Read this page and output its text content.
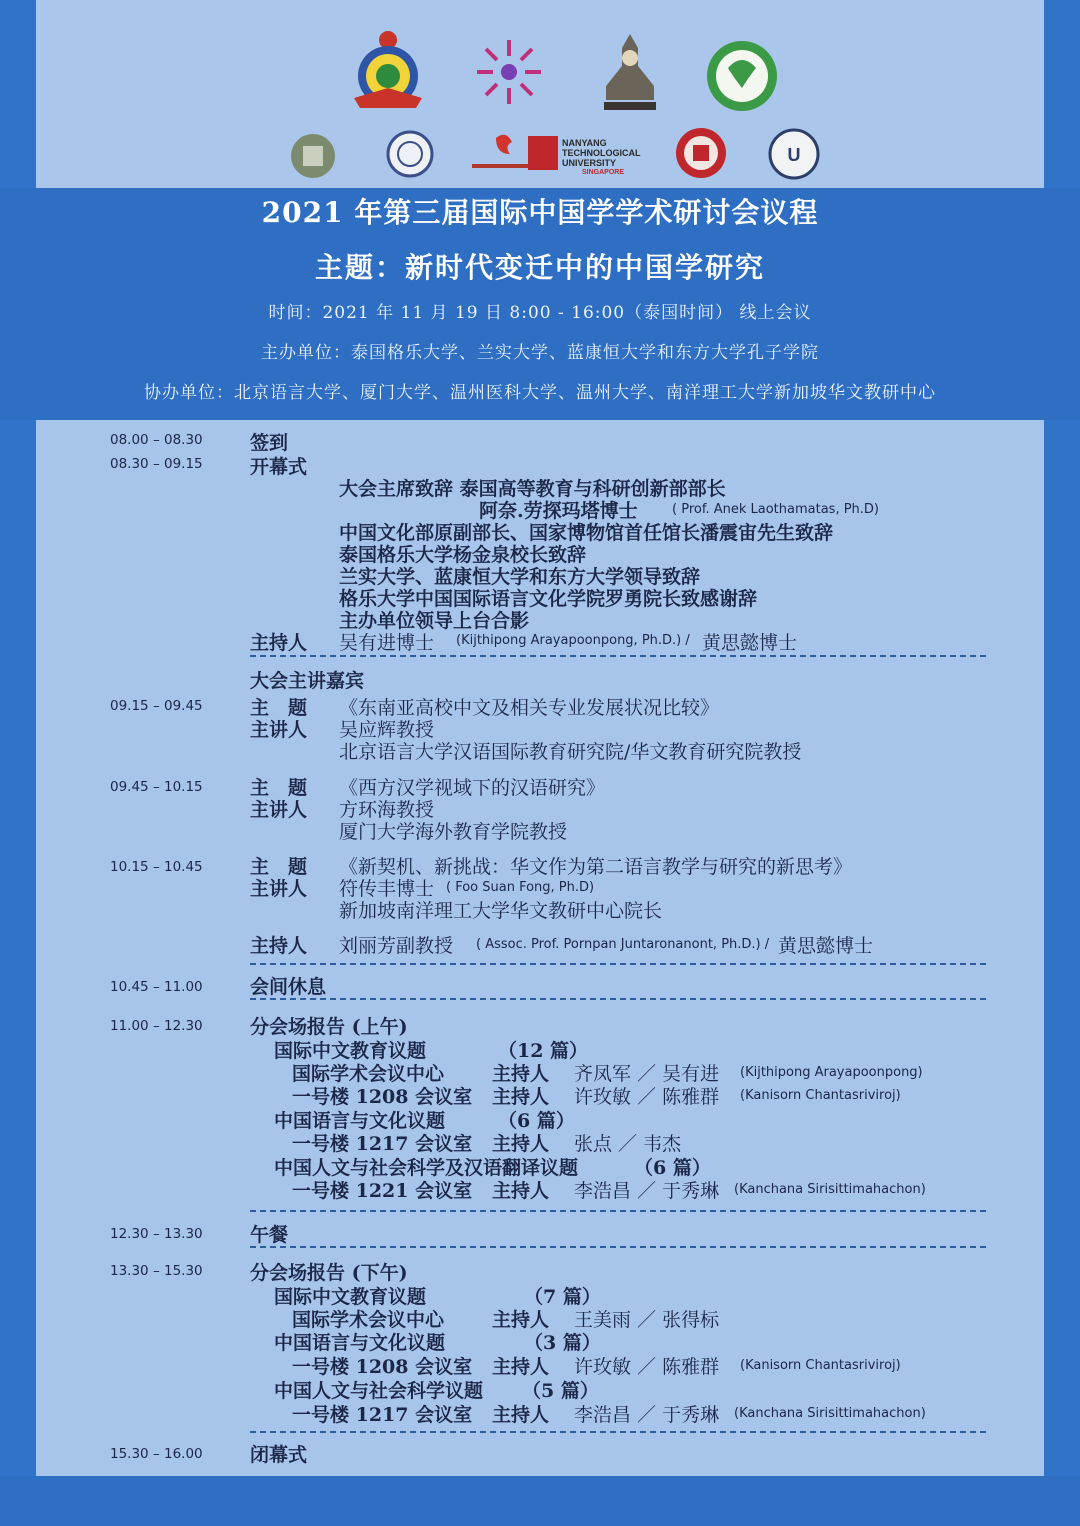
NANYANG
TECHNOLOGICAL
UNIVERSITY
SINGAPORE
U
2021 年第三届国际中国学学术研讨会议程
主题：新时代变迁中的中国学研究
时间：2021 年 11 月 19 日 8:00 - 16:00（泰国时间） 线上会议
主办单位：泰国格乐大学、兰实大学、蓝康恒大学和东方大学孔子学院
协办单位：北京语言大学、厦门大学、温州医科大学、温州大学、南洋理工大学新加坡华文教研中心
08.00 – 08.30 签到
08.30 – 09.15 开幕式
大会主席致辞 泰国高等教育与科研创新部部长
阿奈.劳探玛塔博士	( Prof. Anek Laothamatas, Ph.D)
中国文化部原副部长、国家博物馆首任馆长潘震宙先生致辞
泰国格乐大学杨金泉校长致辞
兰实大学、蓝康恒大学和东方大学领导致辞
格乐大学中国国际语言文化学院罗勇院长致感谢辞
主办单位领导上台合影
主持人 吴有进博士 (Kijthipong Arayapoonpong, Ph.D.) / 黄思懿博士
大会主讲嘉宾
09.15 – 09.45 主　题 《东南亚高校中文及相关专业发展状况比较》
主讲人 吴应辉教授
北京语言大学汉语国际教育研究院/华文教育研究院教授
09.45 – 10.15 主　题 《西方汉学视域下的汉语研究》
主讲人 方环海教授
厦门大学海外教育学院教授
10.15 – 10.45 主　题 《新契机、新挑战：华文作为第二语言教学与研究的新思考》
主讲人 符传丰博士 ( Foo Suan Fong, Ph.D)
新加坡南洋理工大学华文教研中心院长
主持人 刘丽芳副教授 ( Assoc. Prof. Pornpan Juntaronanont, Ph.D.) / 黄思懿博士
10.45 – 11.00 会间休息
11.00 – 12.30 分会场报告 (上午)
国际中文教育议题	（12 篇）
国际学术会议中心	主持人 齐凤军 ／ 吴有进 (Kijthipong Arayapoonpong)
一号楼 1208 会议室 主持人 许玫敏 ／ 陈雅群 (Kanisorn Chantasriviroj)
中国语言与文化议题	（6 篇）
一号楼 1217 会议室 主持人 张点 ／ 韦杰
中国人文与社会科学及汉语翻译议题	（6 篇）
一号楼 1221 会议室 主持人 李浩昌 ／ 于秀琳 (Kanchana Sirisittimahachon)
12.30 – 13.30 午餐
13.30 – 15.30 分会场报告 (下午)
国际中文教育议题	（7 篇）
国际学术会议中心	主持人 王美雨 ／ 张得标
中国语言与文化议题	（3 篇）
一号楼 1208 会议室 主持人 许玫敏 ／ 陈雅群 (Kanisorn Chantasriviroj)
中国人文与社会科学议题 （5 篇）
一号楼 1217 会议室 主持人 李浩昌 ／ 于秀琳 (Kanchana Sirisittimahachon)
15.30 – 16.00 闭幕式
